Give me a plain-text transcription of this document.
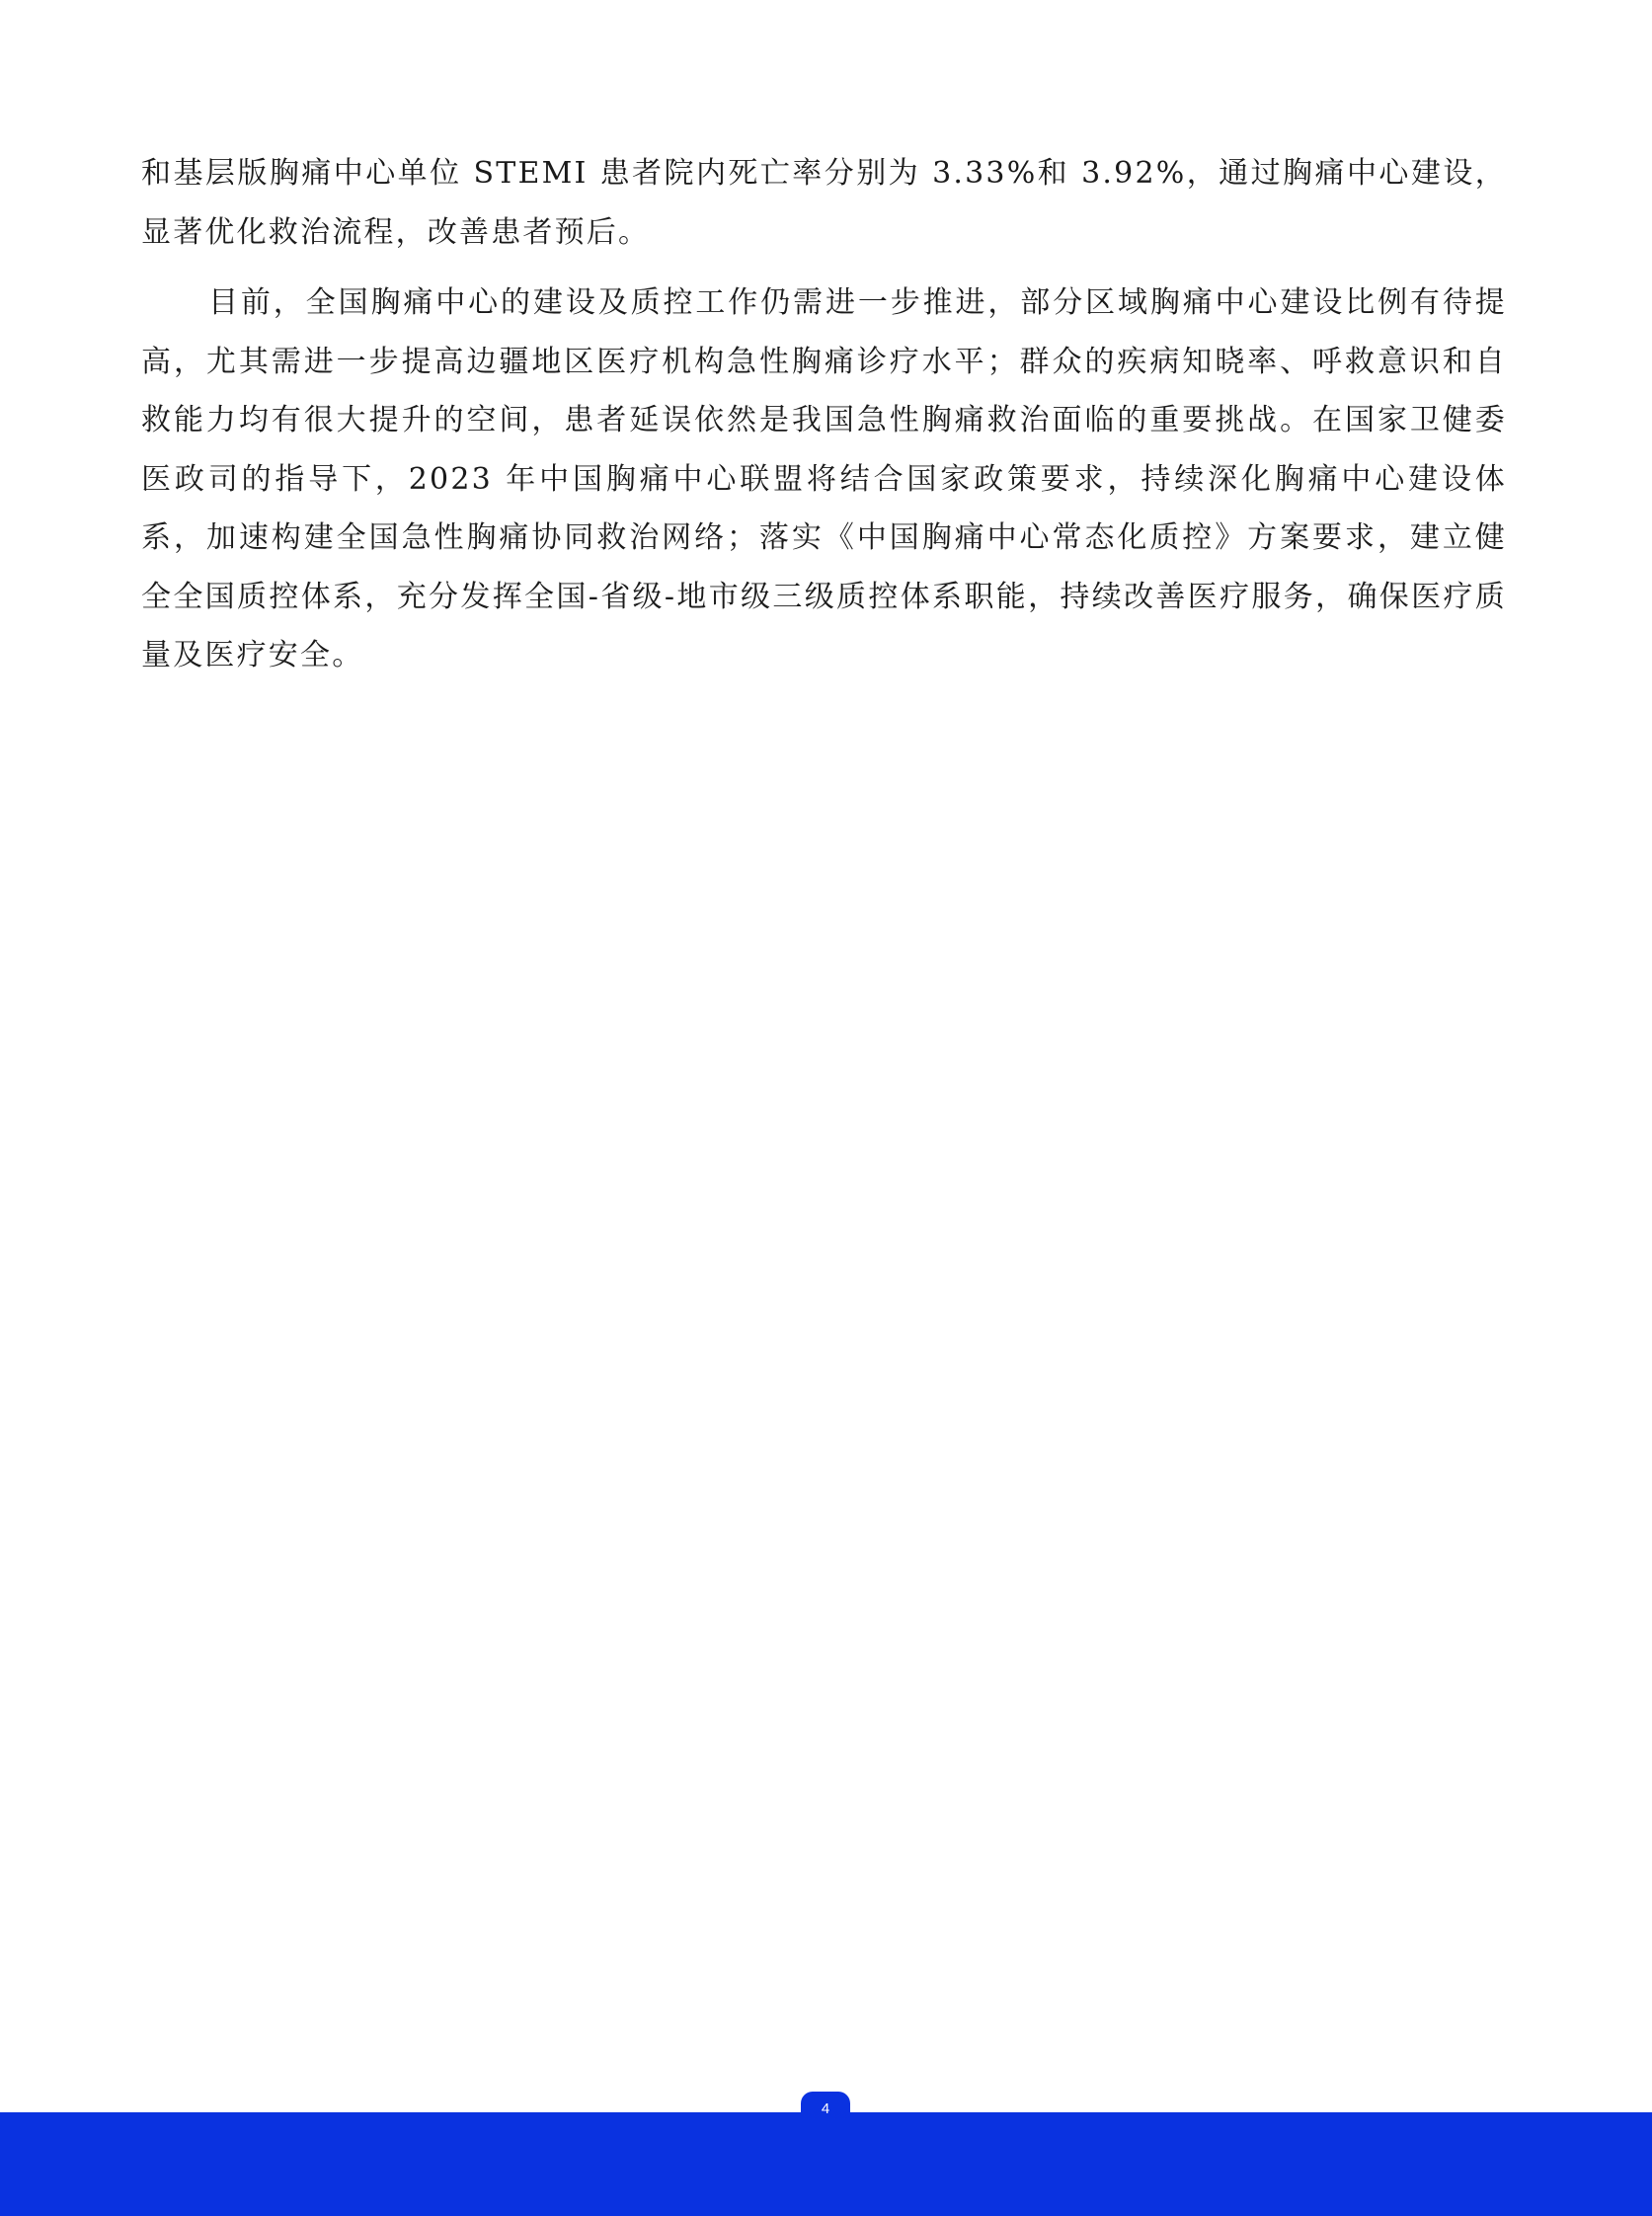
和基层版胸痛中心单位 STEMI 患者院内死亡率分别为 3.33%和 3.92%，通过胸痛中心建设，显著优化救治流程，改善患者预后。

目前，全国胸痛中心的建设及质控工作仍需进一步推进，部分区域胸痛中心建设比例有待提高，尤其需进一步提高边疆地区医疗机构急性胸痛诊疗水平；群众的疾病知晓率、呼救意识和自救能力均有很大提升的空间，患者延误依然是我国急性胸痛救治面临的重要挑战。在国家卫健委医政司的指导下，2023 年中国胸痛中心联盟将结合国家政策要求，持续深化胸痛中心建设体系，加速构建全国急性胸痛协同救治网络；落实《中国胸痛中心常态化质控》方案要求，建立健全全国质控体系，充分发挥全国-省级-地市级三级质控体系职能，持续改善医疗服务，确保医疗质量及医疗安全。

4
